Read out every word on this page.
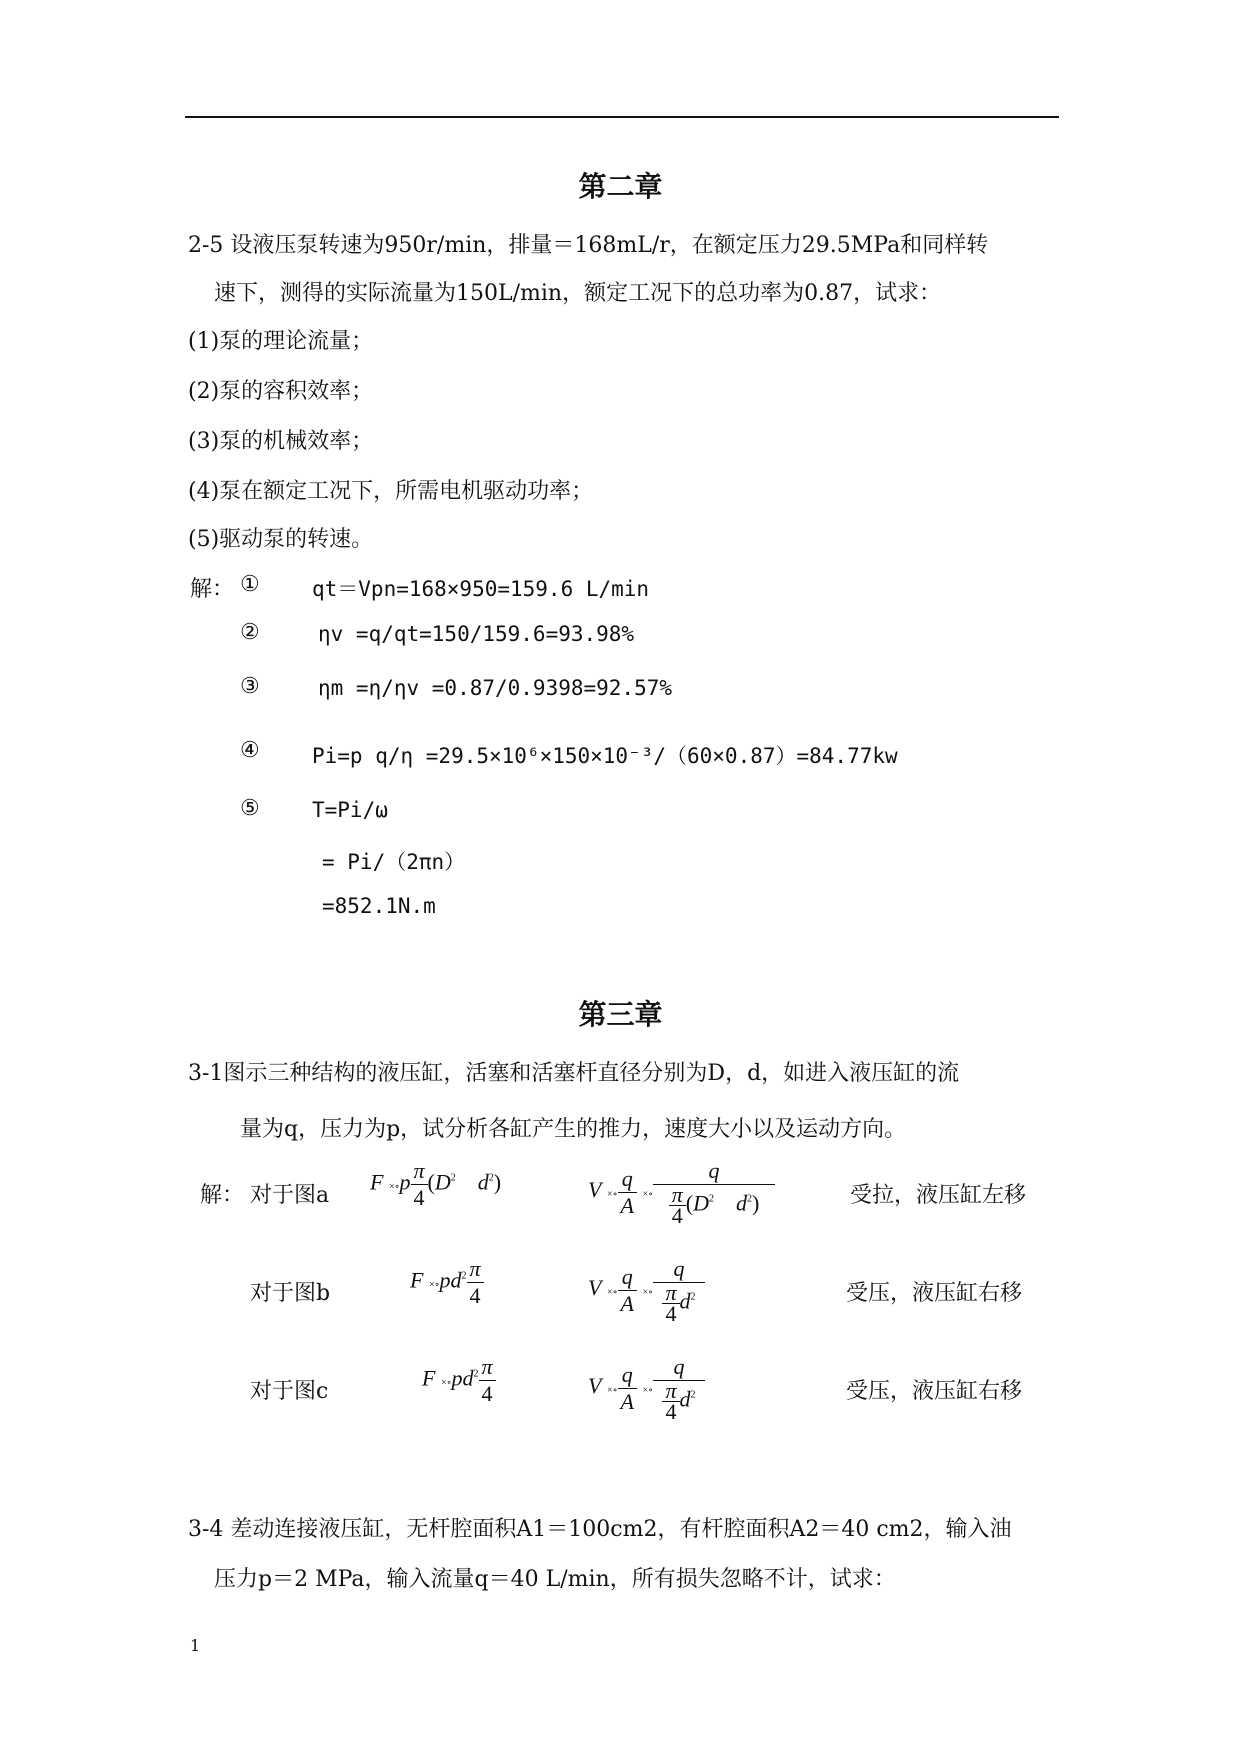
第二章
2-5 设液压泵转速为950r/min，排量＝168mL/r，在额定压力29.5MPa和同样转
速下，测得的实际流量为150L/min，额定工况下的总功率为0.87，试求：
(1)泵的理论流量；
(2)泵的容积效率；
(3)泵的机械效率；
(4)泵在额定工况下，所需电机驱动功率；
(5)驱动泵的转速。
解： ① qt＝Vpn=168×950=159.6 L/min
②	ηv =q/qt=150/159.6=93.98%
③	ηm =η/ηv =0.87/0.9398=92.57%
④ Pi=p q/η =29.5×10⁶×150×10⁻³/（60×0.87）=84.77kw
⑤ T=Pi/ω
= Pi/（2πn）
=852.1N.m
第三章
3-1图示三种结构的液压缸，活塞和活塞杆直径分别为D，d，如进入液压缸的流
量为q，压力为p，试分析各缸产生的推力，速度大小以及运动方向。
解： 对于图a
F ×∘p $\frac{\pi}{4} (D^2$ $d^2$)	V ×∘ $\frac{q}{A}$ ×∘ $\frac{q}{\frac{\pi}{4} (D^2 d^2)}$	受拉，液压缸左移
对于图b
$F \times\circ pd^2 \frac{\pi}{4}$	V ×∘ $\frac{q}{A}$ ×∘ $\frac{q}{\frac{\pi}{4} d^2}$	受压，液压缸右移
对于图c
$F \times\circ pd^2 \frac{\pi}{4}$	V ×∘ $\frac{q}{A}$ ×∘ $\frac{q}{\frac{\pi}{4} d^2}$	受压，液压缸右移
3-4 差动连接液压缸，无杆腔面积A1＝100cm2，有杆腔面积A2＝40 cm2，输入油
压力p＝2 MPa，输入流量q＝40 L/min，所有损失忽略不计，试求：
1
